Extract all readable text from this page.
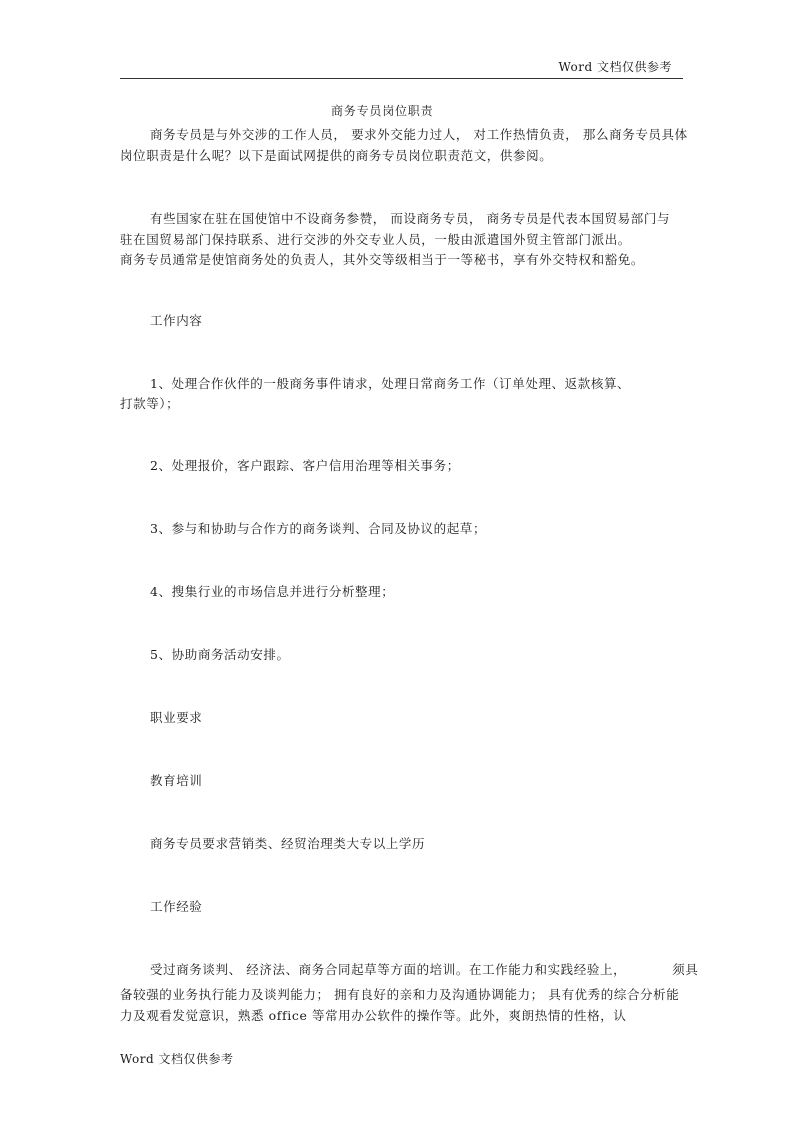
Word 文档仅供参考
商务专员岗位职责
商务专员是与外交涉的工作人员， 要求外交能力过人， 对工作热情负责， 那么商务专员具体
岗位职责是什么呢？以下是面试网提供的商务专员岗位职责范文，供参阅。
有些国家在驻在国使馆中不设商务参赞， 而设商务专员， 商务专员是代表本国贸易部门与
驻在国贸易部门保持联系、进行交涉的外交专业人员，一般由派遣国外贸主管部门派出。
商务专员通常是使馆商务处的负责人，其外交等级相当于一等秘书，享有外交特权和豁免。
工作内容
1、处理合作伙伴的一般商务事件请求，处理日常商务工作（订单处理、返款核算、
打款等）；
2、处理报价，客户跟踪、客户信用治理等相关事务；
3、参与和协助与合作方的商务谈判、合同及协议的起草；
4、搜集行业的市场信息并进行分析整理；
5、协助商务活动安排。
职业要求
教育培训
商务专员要求营销类、经贸治理类大专以上学历
工作经验
受过商务谈判、 经济法、商务合同起草等方面的培训。在工作能力和实践经验上，	须具
备较强的业务执行能力及谈判能力； 拥有良好的亲和力及沟通协调能力； 具有优秀的综合分析能
力及观看发觉意识，熟悉 office 等常用办公软件的操作等。此外，爽朗热情的性格，认
Word 文档仅供参考
